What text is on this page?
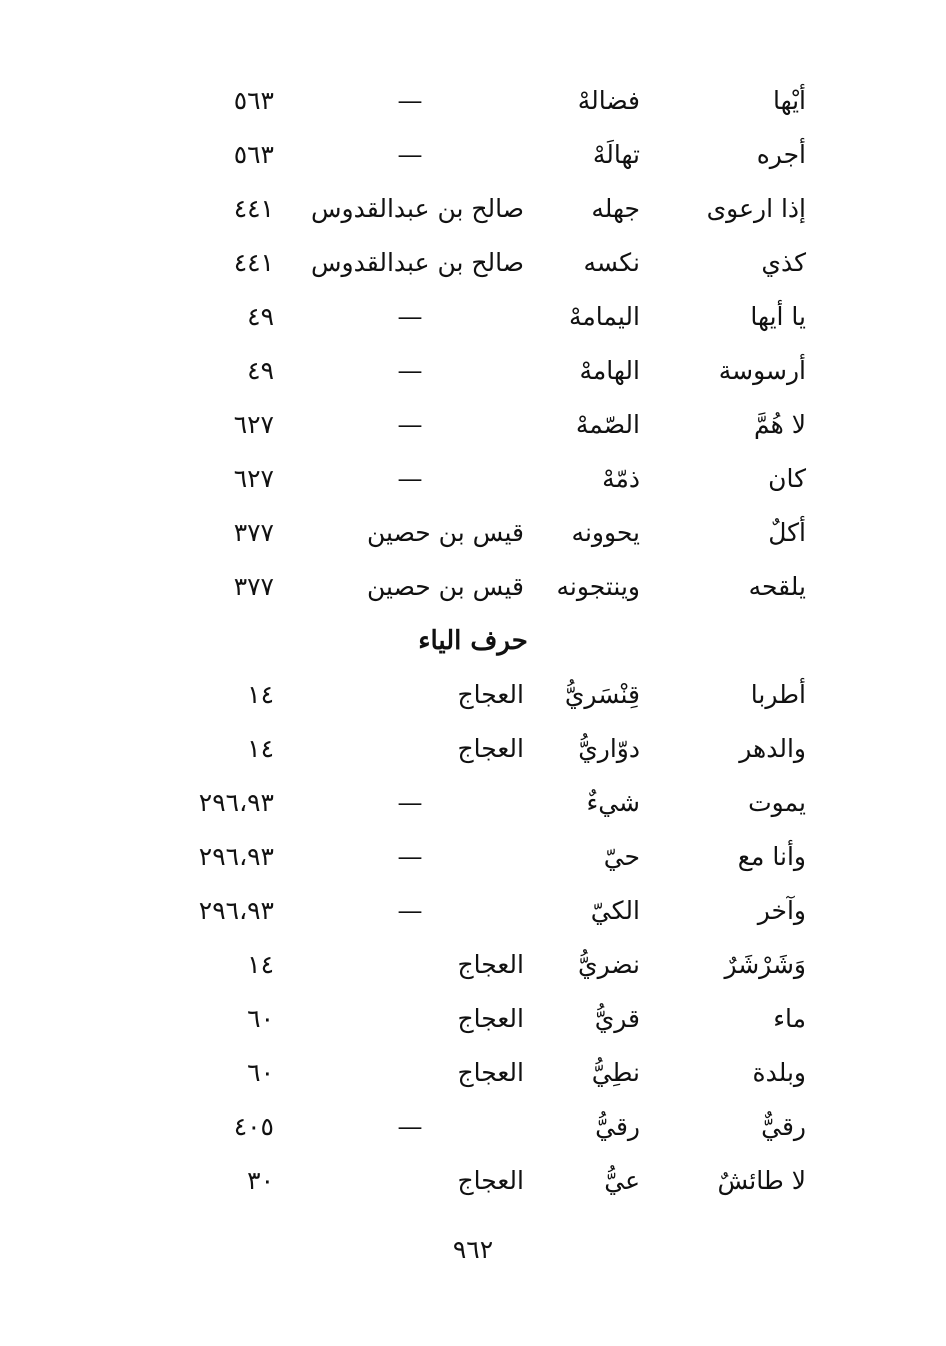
أيْها
فضالهْ
—
٥٦٣
أجره
تهالَهْ
—
٥٦٣
إذا ارعوى
جهله
صالح بن عبدالقدوس
٤٤١
كذي
نكسه
صالح بن عبدالقدوس
٤٤١
يا أيها
اليمامهْ
—
٤٩
أرسوسة
الهامهْ
—
٤٩
لا هُمَّ
الصّمهْ
—
٦٢٧
كان
ذمّهْ
—
٦٢٧
أكلٌ
يحوونه
قيس بن حصين
٣٧٧
يلقحه
وينتجونه
قيس بن حصين
٣٧٧
حرف الياء
أطربا
قِنْسَريُّ
العجاج
١٤
والدهر
دوّاريُّ
العجاج
١٤
يموت
شيءٌ
—
٢٩٦،٩٣
وأنا مع
حيّ
—
٢٩٦،٩٣
وآخر
الكيّ
—
٢٩٦،٩٣
وَشَرْشَرٌ
نضريُّ
العجاج
١٤
ماء
قريُّ
العجاج
٦٠
وبلدة
نطِيُّ
العجاج
٦٠
رقيٌّ
رقيُّ
—
٤٠٥
لا طائشٌ
عيُّ
العجاج
٣٠
٩٦٢
